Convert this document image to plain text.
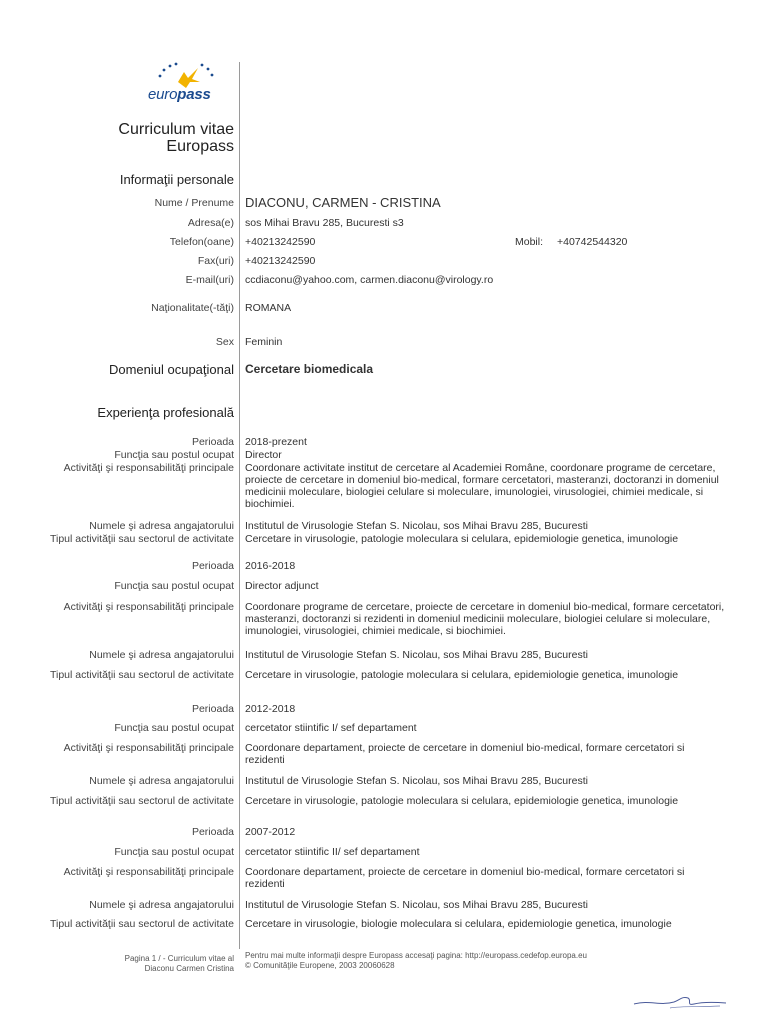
europass
Curriculum vitae
Europass
Informaţii personale
Nume / Prenume DIACONU, CARMEN - CRISTINA
Adresa(e) sos Mihai Bravu 285, Bucuresti s3
Telefon(oane) +40213242590	Mobil: +40742544320
Fax(uri) +40213242590
E-mail(uri) ccdiaconu@yahoo.com, carmen.diaconu@virology.ro
Naţionalitate(-tăţi) ROMANA
Sex Feminin
Domeniul ocupaţional Cercetare biomedicala
Experienţa profesională
Perioada 2018-prezent
Funcţia sau postul ocupat Director
Activităţi şi responsabilităţi principale Coordonare activitate institut de cercetare al Academiei Române, coordonare programe de cercetare, proiecte de cercetare in domeniul bio-medical, formare cercetatori, masteranzi, doctoranzi in domeniul medicinii moleculare, biologiei celulare si moleculare, imunologiei, virusologiei, chimiei medicale, si biochimiei.
Numele şi adresa angajatorului Institutul de Virusologie Stefan S. Nicolau, sos Mihai Bravu 285, Bucuresti
Tipul activităţii sau sectorul de activitate Cercetare in virusologie, patologie moleculara si celulara, epidemiologie genetica, imunologie
Perioada 2016-2018
Funcţia sau postul ocupat Director adjunct
Activităţi şi responsabilităţi principale Coordonare programe de cercetare, proiecte de cercetare in domeniul bio-medical, formare cercetatori, masteranzi, doctoranzi si rezidenti in domeniul medicinii moleculare, biologiei celulare si moleculare, imunologiei, virusologiei, chimiei medicale, si biochimiei.
Numele şi adresa angajatorului Institutul de Virusologie Stefan S. Nicolau, sos Mihai Bravu 285, Bucuresti
Tipul activităţii sau sectorul de activitate Cercetare in virusologie, patologie moleculara si celulara, epidemiologie genetica, imunologie
Perioada 2012-2018
Funcţia sau postul ocupat cercetator stiintific I/ sef departament
Activităţi şi responsabilităţi principale Coordonare departament, proiecte de cercetare in domeniul bio-medical, formare cercetatori si rezidenti
Numele şi adresa angajatorului Institutul de Virusologie Stefan S. Nicolau, sos Mihai Bravu 285, Bucuresti
Tipul activităţii sau sectorul de activitate Cercetare in virusologie, patologie moleculara si celulara, epidemiologie genetica, imunologie
Perioada 2007-2012
Funcţia sau postul ocupat cercetator stiintific II/ sef departament
Activităţi şi responsabilităţi principale Coordonare departament, proiecte de cercetare in domeniul bio-medical, formare cercetatori si rezidenti
Numele şi adresa angajatorului Institutul de Virusologie Stefan S. Nicolau, sos Mihai Bravu 285, Bucuresti
Tipul activităţii sau sectorul de activitate Cercetare in virusologie, biologie moleculara si celulara, epidemiologie genetica, imunologie
Pagina 1 / - Curriculum vitae al
Diaconu Carmen Cristina
Pentru mai multe informaţii despre Europass accesaţi pagina: http://europass.cedefop.europa.eu
© Comunităţile Europene, 2003 20060628
